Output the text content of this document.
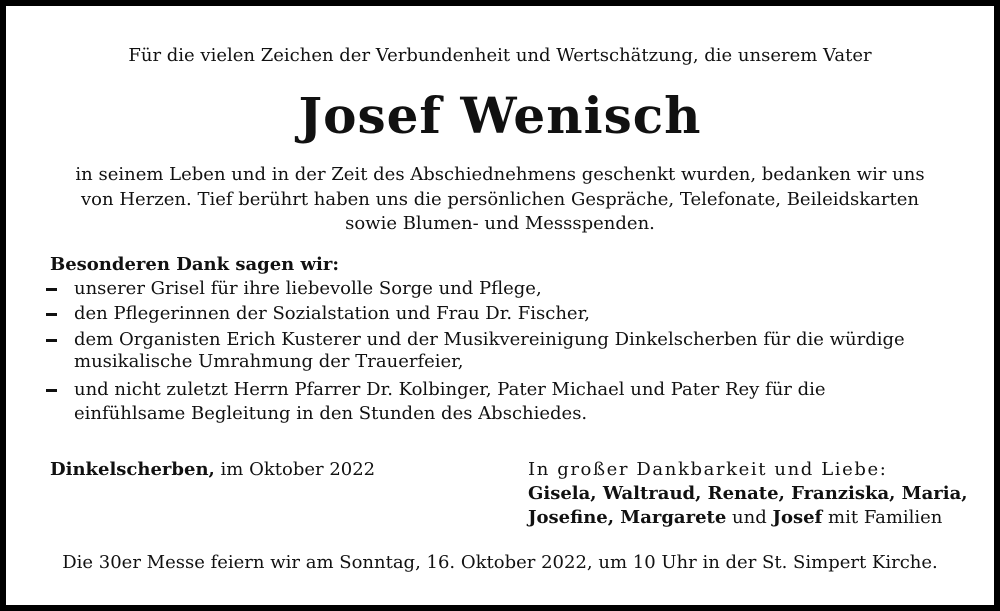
Für die vielen Zeichen der Verbundenheit und Wertschätzung, die unserem Vater
Josef Wenisch
in seinem Leben und in der Zeit des Abschiednehmens geschenkt wurden, bedanken wir uns
von Herzen. Tief berührt haben uns die persönlichen Gespräche, Telefonate, Beileidskarten
sowie Blumen- und Messspenden.
Besonderen Dank sagen wir:
unserer Grisel für ihre liebevolle Sorge und Pflege,
den Pflegerinnen der Sozialstation und Frau Dr. Fischer,
dem Organisten Erich Kusterer und der Musikvereinigung Dinkelscherben für die würdige
musikalische Umrahmung der Trauerfeier,
und nicht zuletzt Herrn Pfarrer Dr. Kolbinger, Pater Michael und Pater Rey für die
einfühlsame Begleitung in den Stunden des Abschiedes.
Dinkelscherben, im Oktober 2022	In großer Dankbarkeit und Liebe:
Gisela, Waltraud, Renate, Franziska, Maria,
Josefine, Margarete und Josef mit Familien
Die 30er Messe feiern wir am Sonntag, 16. Oktober 2022, um 10 Uhr in der St. Simpert Kirche.
